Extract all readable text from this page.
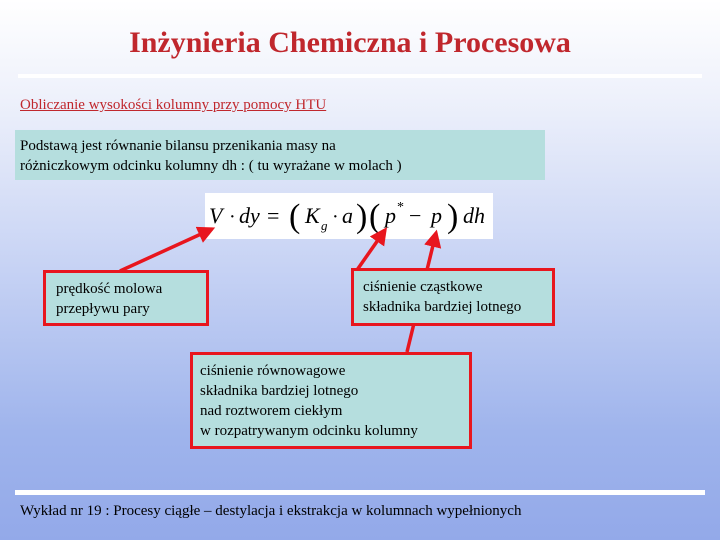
Inżynieria Chemiczna i Procesowa
Obliczanie wysokości kolumny przy pomocy HTU
Podstawą jest równanie bilansu przenikania masy na
różniczkowym odcinku kolumny dh : ( tu wyrażane w molach )
V · dy = ( K g · a ) ( p * − p ) dh
prędkość molowa
przepływu pary
ciśnienie cząstkowe
składnika bardziej lotnego
ciśnienie równowagowe
składnika bardziej lotnego
nad roztworem ciekłym
w rozpatrywanym odcinku kolumny
Wykład nr 19 : Procesy ciągłe – destylacja i ekstrakcja w kolumnach wypełnionych
